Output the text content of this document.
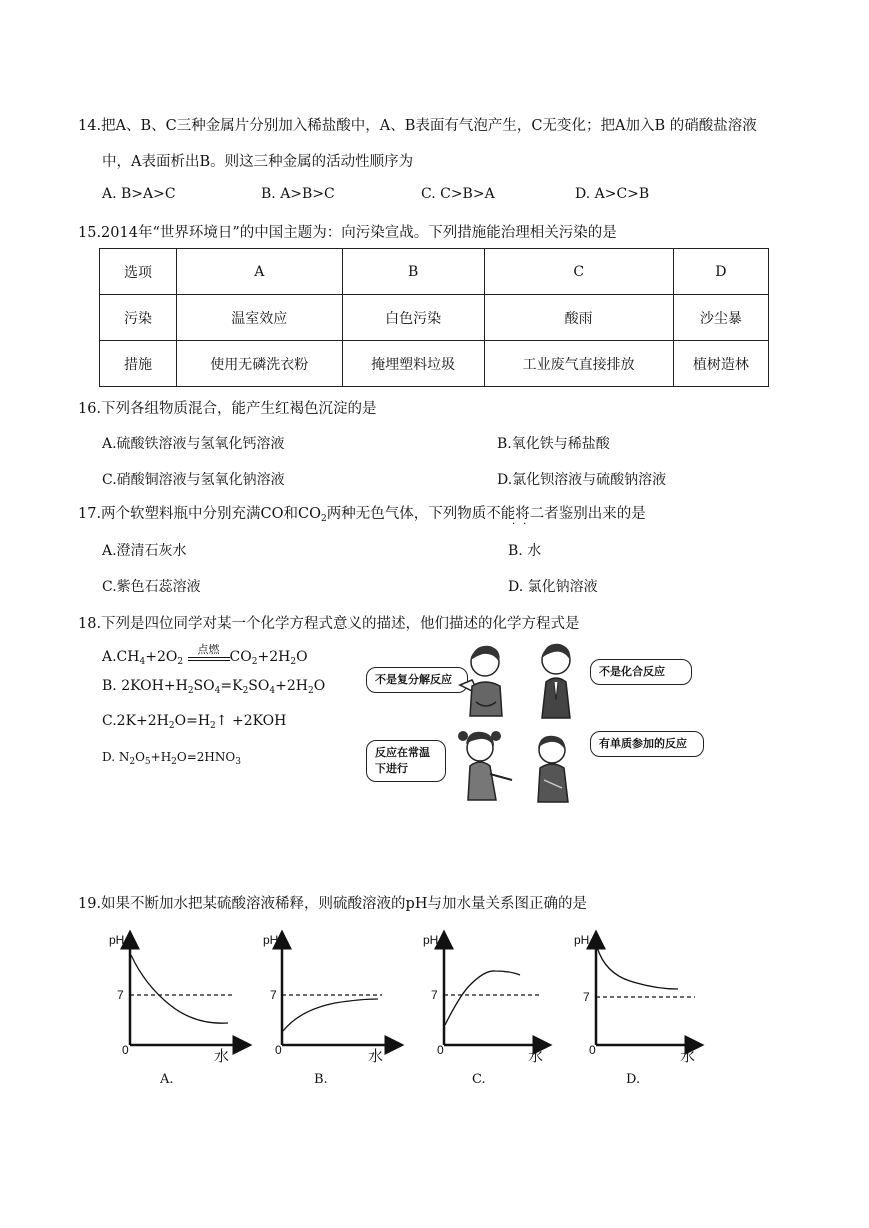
14.把A、B、C三种金属片分别加入稀盐酸中，A、B表面有气泡产生，C无变化；把A加入B 的硝酸盐溶液
中，A表面析出B。则这三种金属的活动性顺序为
A. B>A>C	B. A>B>C	C. C>B>A	D. A>C>B
15.2014年“世界环境日”的中国主题为：向污染宣战。下列措施能治理相关污染的是
选项	A	B	C	D
污染	温室效应	白色污染	酸雨	沙尘暴
措施	使用无磷洗衣粉	掩埋塑料垃圾	工业废气直接排放	植树造林
16.下列各组物质混合，能产生红褐色沉淀的是
A.硫酸铁溶液与氢氧化钙溶液	B.氧化铁与稀盐酸
C.硝酸铜溶液与氢氧化钠溶液	D.氯化钡溶液与硫酸钠溶液
17.两个软塑料瓶中分别充满CO和$CO_2$两种无色气体，下列物质不能将二者鉴别出来的是
··
A.澄清石灰水	B. 水
C.紫色石蕊溶液	D. 氯化钠溶液
18.下列是四位同学对某一个化学方程式意义的描述，他们描述的化学方程式是
$A.CH_4+2O_2$
点燃 $CO_2+2H_2O$
B. $2KOH+H_2SO_4=K_2SO_4+2H_2O$
$C.2K+2H_2O=H_2↑ +2KOH$
D. $N_2O_5+H_2O=2HNO_3$
不是复分解反应
不是化合反应
反应在常温下进行
有单质参加的反应
19.如果不断加水把某硫酸溶液稀释，则硫酸溶液的pH与加水量关系图正确的是
pH	pH	pH	pH
7	7	7	7
0	0	0	0
水	水	水	水
A.	B.	C.	D.
